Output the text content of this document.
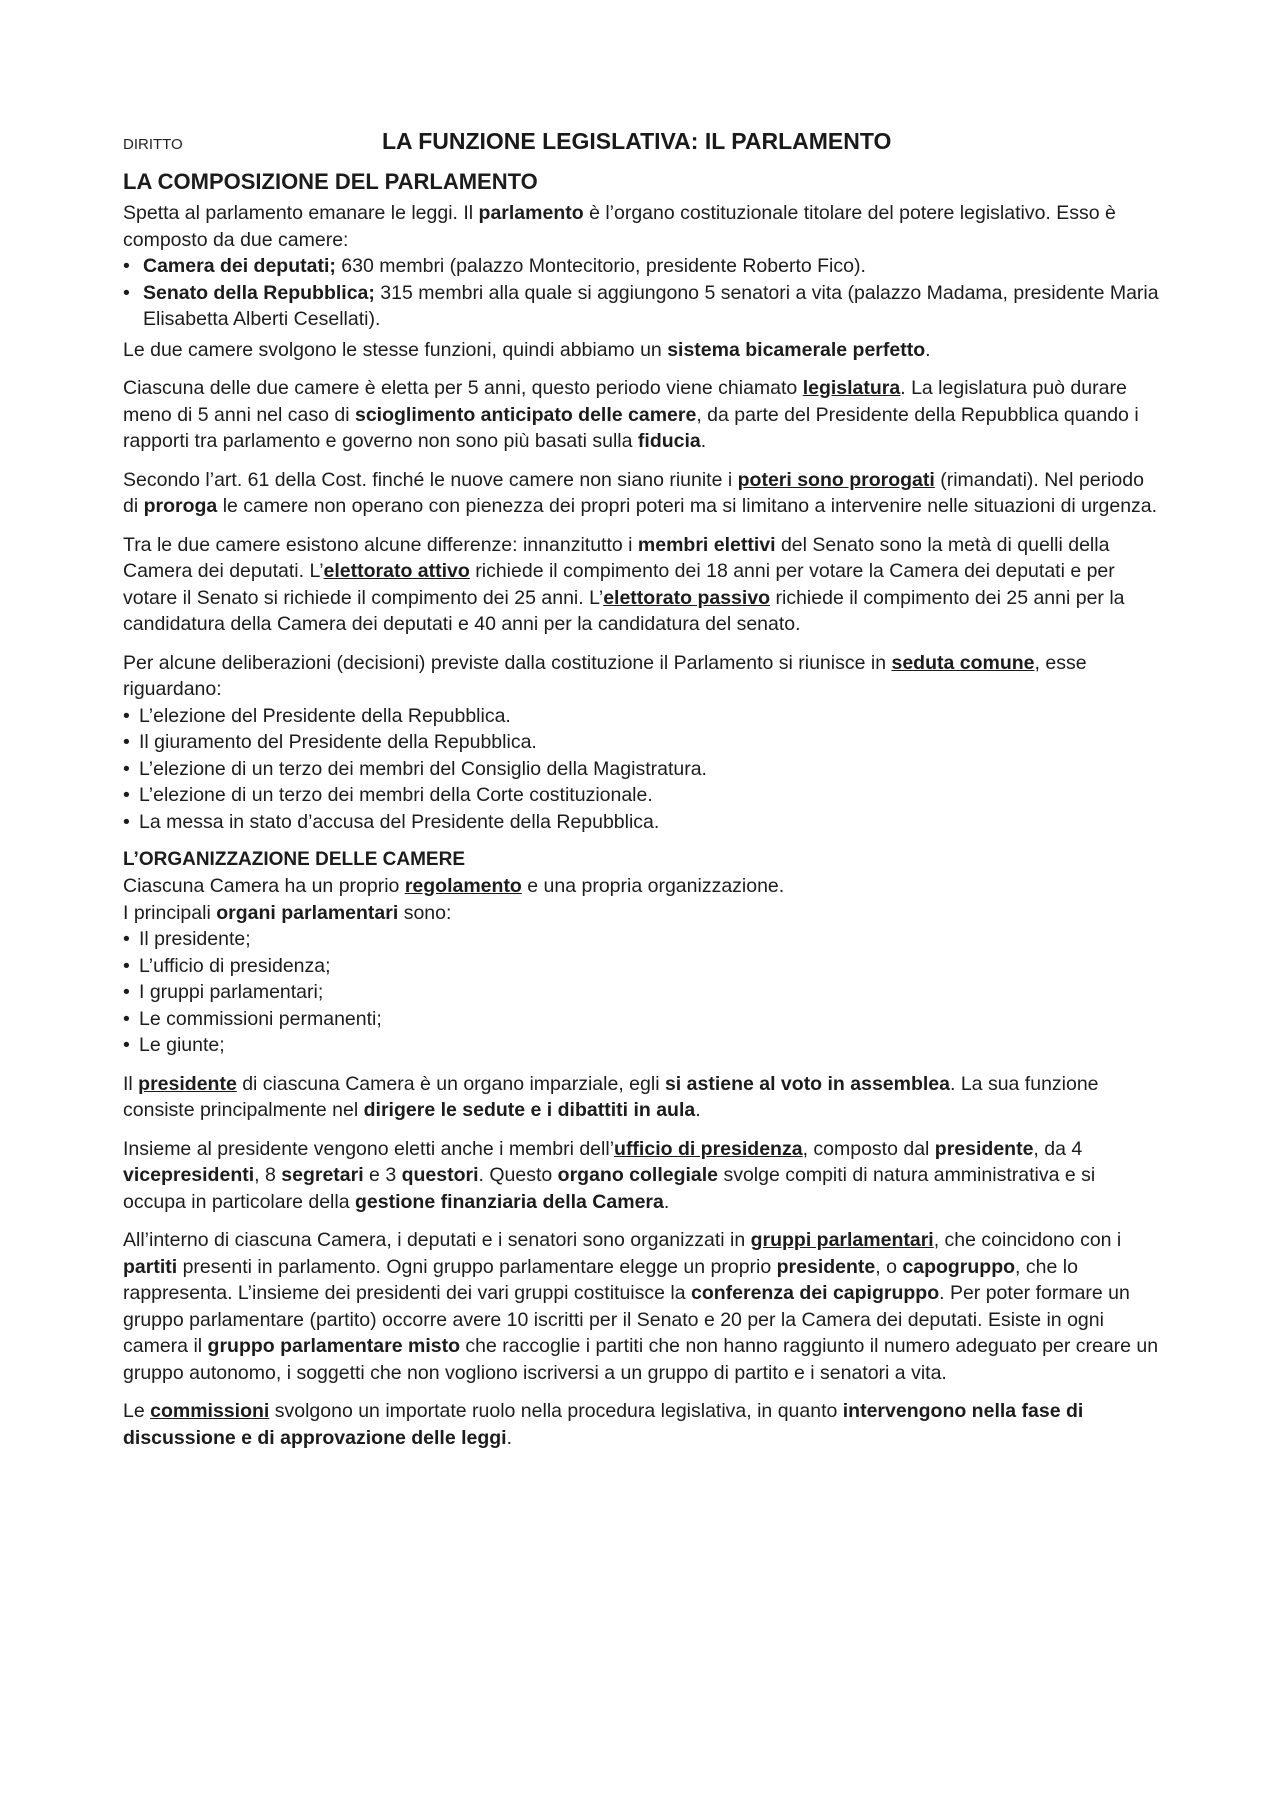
DIRITTO	LA FUNZIONE LEGISLATIVA: IL PARLAMENTO
LA COMPOSIZIONE DEL PARLAMENTO

Spetta al parlamento emanare le leggi. Il parlamento è l’organo costituzionale titolare del potere legislativo. Esso è composto da due camere:

• Camera dei deputati; 630 membri (palazzo Montecitorio, presidente Roberto Fico).
• Senato della Repubblica; 315 membri alla quale si aggiungono 5 senatori a vita (palazzo Madama, presidente Maria Elisabetta Alberti Cesellati).

Le due camere svolgono le stesse funzioni, quindi abbiamo un sistema bicamerale perfetto.

Ciascuna delle due camere è eletta per 5 anni, questo periodo viene chiamato legislatura. La legislatura può durare meno di 5 anni nel caso di scioglimento anticipato delle camere, da parte del Presidente della Repubblica quando i rapporti tra parlamento e governo non sono più basati sulla fiducia.

Secondo l’art. 61 della Cost. finché le nuove camere non siano riunite i poteri sono prorogati (rimandati). Nel periodo di proroga le camere non operano con pienezza dei propri poteri ma si limitano a intervenire nelle situazioni di urgenza.

Tra le due camere esistono alcune differenze: innanzitutto i membri elettivi del Senato sono la metà di quelli della Camera dei deputati. L’elettorato attivo richiede il compimento dei 18 anni per votare la Camera dei deputati e per votare il Senato si richiede il compimento dei 25 anni. L’elettorato passivo richiede il compimento dei 25 anni per la candidatura della Camera dei deputati e 40 anni per la candidatura del senato.

Per alcune deliberazioni (decisioni) previste dalla costituzione il Parlamento si riunisce in seduta comune, esse riguardano:

• L’elezione del Presidente della Repubblica.
• Il giuramento del Presidente della Repubblica.
• L’elezione di un terzo dei membri del Consiglio della Magistratura.
• L’elezione di un terzo dei membri della Corte costituzionale.
• La messa in stato d’accusa del Presidente della Repubblica.
L’ORGANIZZAZIONE DELLE CAMERE

Ciascuna Camera ha un proprio regolamento e una propria organizzazione.

I principali organi parlamentari sono:

• Il presidente;
• L’ufficio di presidenza;
• I gruppi parlamentari;
• Le commissioni permanenti;
• Le giunte;

Il presidente di ciascuna Camera è un organo imparziale, egli si astiene al voto in assemblea. La sua funzione consiste principalmente nel dirigere le sedute e i dibattiti in aula.

Insieme al presidente vengono eletti anche i membri dell’ufficio di presidenza, composto dal presidente, da 4 vicepresidenti, 8 segretari e 3 questori. Questo organo collegiale svolge compiti di natura amministrativa e si occupa in particolare della gestione finanziaria della Camera.

All’interno di ciascuna Camera, i deputati e i senatori sono organizzati in gruppi parlamentari, che coincidono con i partiti presenti in parlamento. Ogni gruppo parlamentare elegge un proprio presidente, o capogruppo, che lo rappresenta. L’insieme dei presidenti dei vari gruppi costituisce la conferenza dei capigruppo. Per poter formare un gruppo parlamentare (partito) occorre avere 10 iscritti per il Senato e 20 per la Camera dei deputati. Esiste in ogni camera il gruppo parlamentare misto che raccoglie i partiti che non hanno raggiunto il numero adeguato per creare un gruppo autonomo, i soggetti che non vogliono iscriversi a un gruppo di partito e i senatori a vita.

Le commissioni svolgono un importate ruolo nella procedura legislativa, in quanto intervengono nella fase di discussione e di approvazione delle leggi.
